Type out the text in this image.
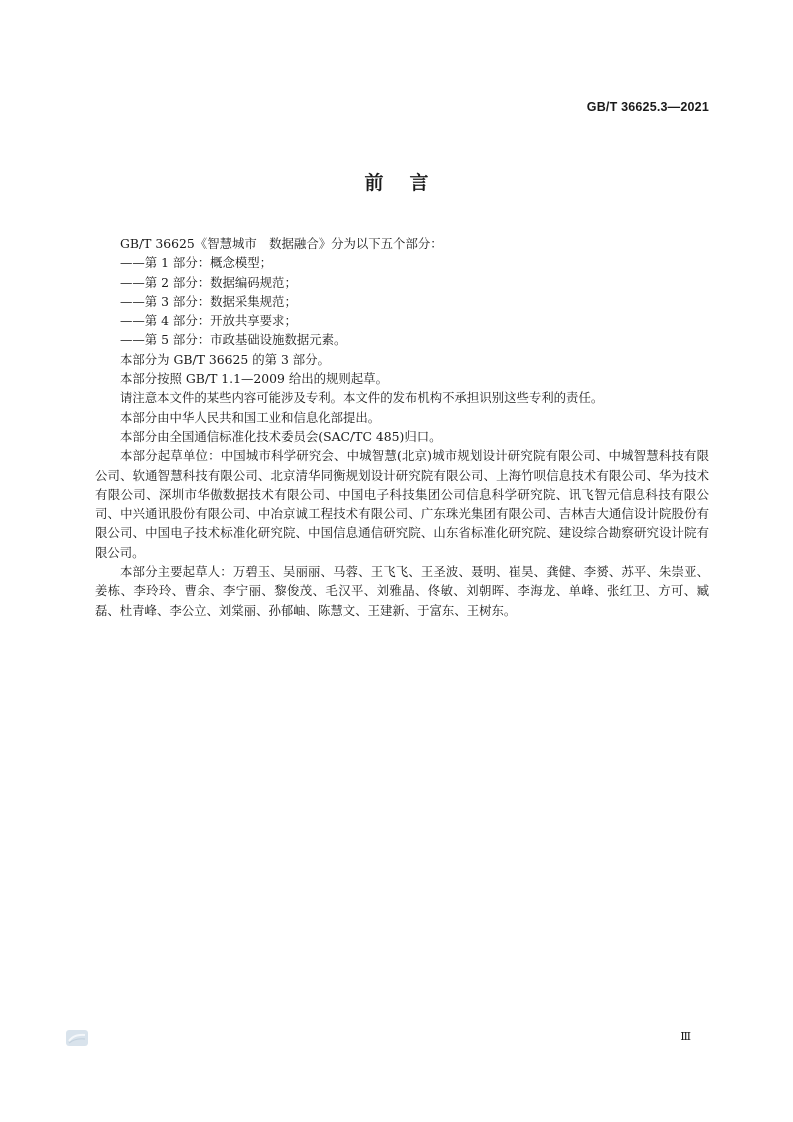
GB/T 36625.3—2021
前言

GB/T 36625《智慧城市　数据融合》分为以下五个部分：

——第 1 部分：概念模型；

——第 2 部分：数据编码规范；

——第 3 部分：数据采集规范；

——第 4 部分：开放共享要求；

——第 5 部分：市政基础设施数据元素。

本部分为 GB/T 36625 的第 3 部分。

本部分按照 GB/T 1.1—2009 给出的规则起草。

请注意本文件的某些内容可能涉及专利。本文件的发布机构不承担识别这些专利的责任。

本部分由中华人民共和国工业和信息化部提出。

本部分由全国通信标准化技术委员会(SAC/TC 485)归口。

本部分起草单位：中国城市科学研究会、中城智慧(北京)城市规划设计研究院有限公司、中城智慧科技有限公司、软通智慧科技有限公司、北京清华同衡规划设计研究院有限公司、上海竹呗信息技术有限公司、华为技术有限公司、深圳市华傲数据技术有限公司、中国电子科技集团公司信息科学研究院、讯飞智元信息科技有限公司、中兴通讯股份有限公司、中冶京诚工程技术有限公司、广东珠光集团有限公司、吉林吉大通信设计院股份有限公司、中国电子技术标准化研究院、中国信息通信研究院、山东省标准化研究院、建设综合勘察研究设计院有限公司。

本部分主要起草人：万碧玉、吴丽丽、马蓉、王飞飞、王圣波、聂明、崔昊、龚健、李赟、苏平、朱崇亚、姜栋、李玲玲、曹余、李宁丽、黎俊茂、毛汉平、刘雅晶、佟敏、刘朝晖、李海龙、单峰、张红卫、方可、臧磊、杜青峰、李公立、刘棠丽、孙郁岫、陈慧文、王建新、于富东、王树东。

Ⅲ
